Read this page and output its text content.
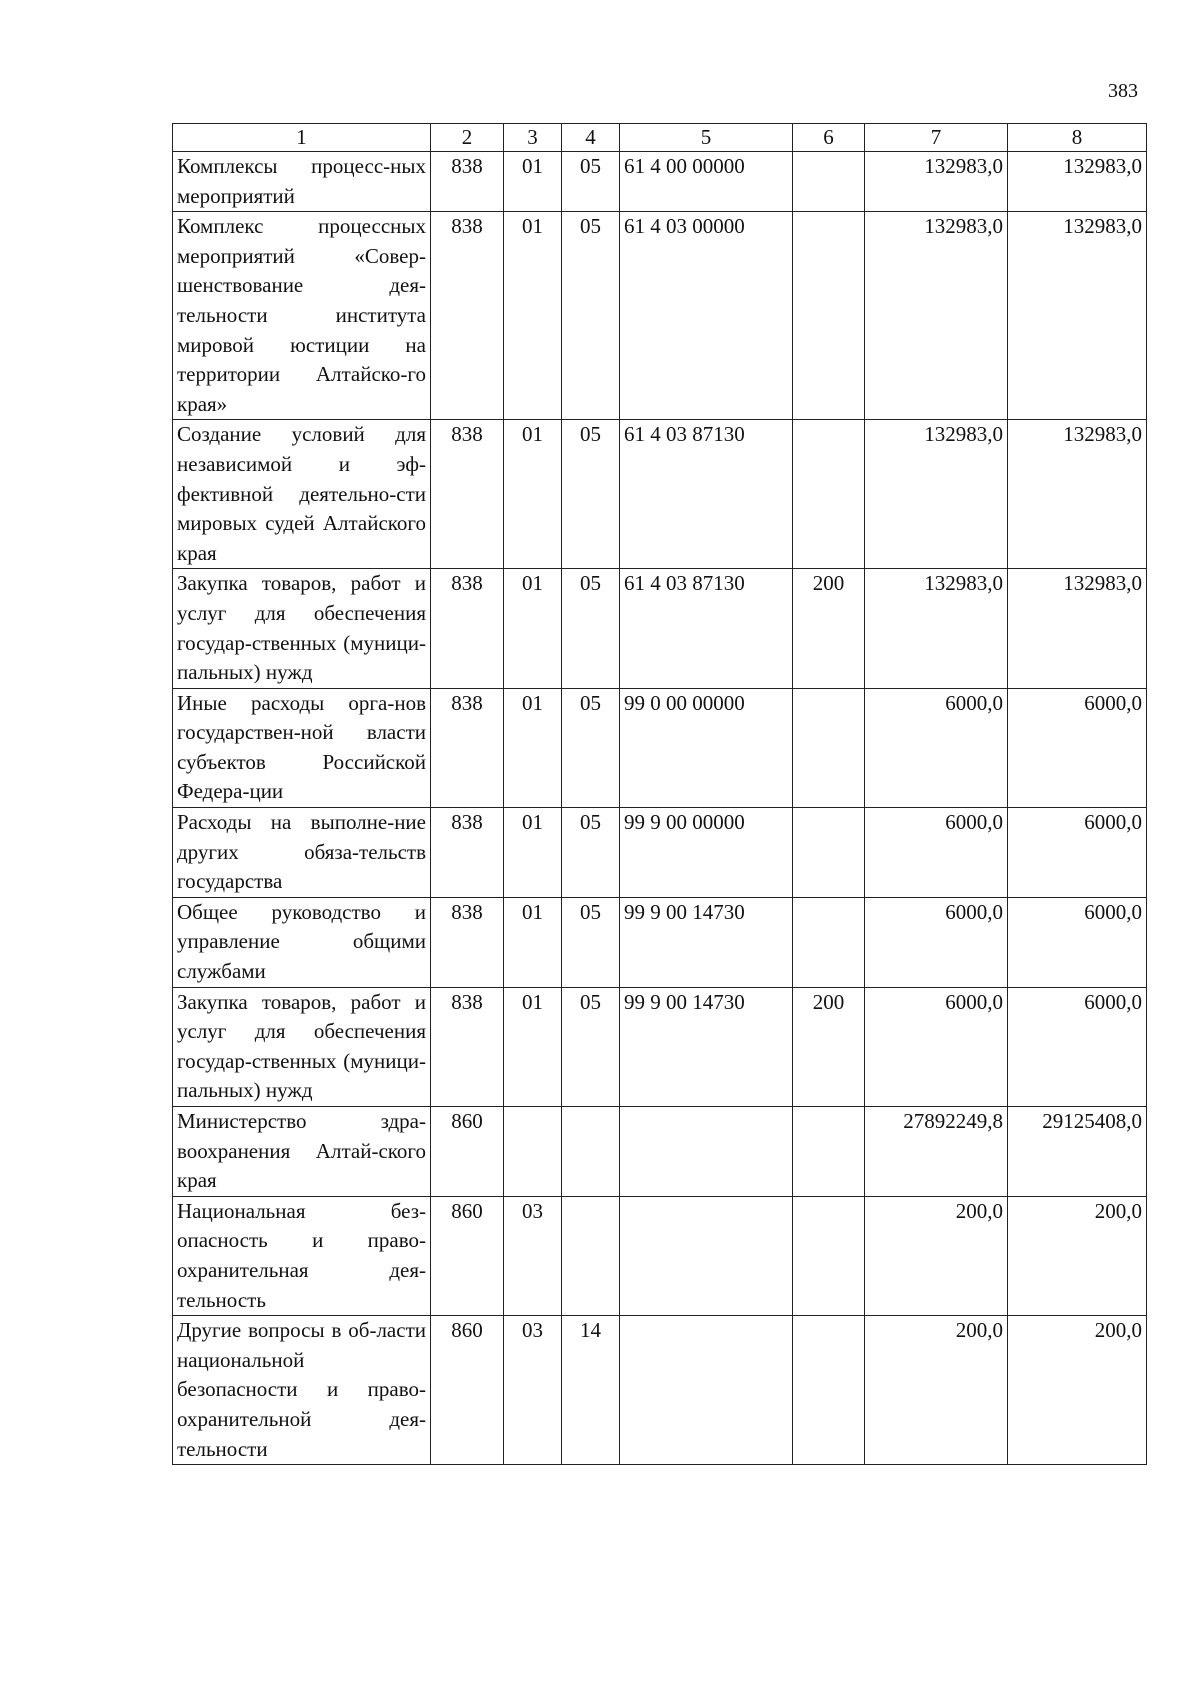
383
1	2	3	4	5	6	7	8
Комплексы процесс-ных мероприятий	838	01	05	61 4 00 00000		132983,0	132983,0
Комплекс процессных мероприятий «Совер-шенствование дея-тельности института мировой юстиции на территории Алтайско-го края»	838	01	05	61 4 03 00000		132983,0	132983,0
Создание условий для независимой и эф-фективной деятельно-сти мировых судей Алтайского края	838	01	05	61 4 03 87130		132983,0	132983,0
Закупка товаров, работ и услуг для обеспечения государ-ственных (муници-пальных) нужд	838	01	05	61 4 03 87130	200	132983,0	132983,0
Иные расходы орга-нов государствен-ной власти субъектов Российской Федера-ции	838	01	05	99 0 00 00000		6000,0	6000,0
Расходы на выполне-ние других обяза-тельств государства	838	01	05	99 9 00 00000		6000,0	6000,0
Общее руководство и управление общими службами	838	01	05	99 9 00 14730		6000,0	6000,0
Закупка товаров, работ и услуг для обеспечения государ-ственных (муници-пальных) нужд	838	01	05	99 9 00 14730	200	6000,0	6000,0
Министерство здра-воохранения Алтай-ского края	860					27892249,8	29125408,0
Национальная без-опасность и право-охранительная дея-тельность	860	03				200,0	200,0
Другие вопросы в об-ласти национальной безопасности и право-охранительной дея-тельности	860	03	14			200,0	200,0
